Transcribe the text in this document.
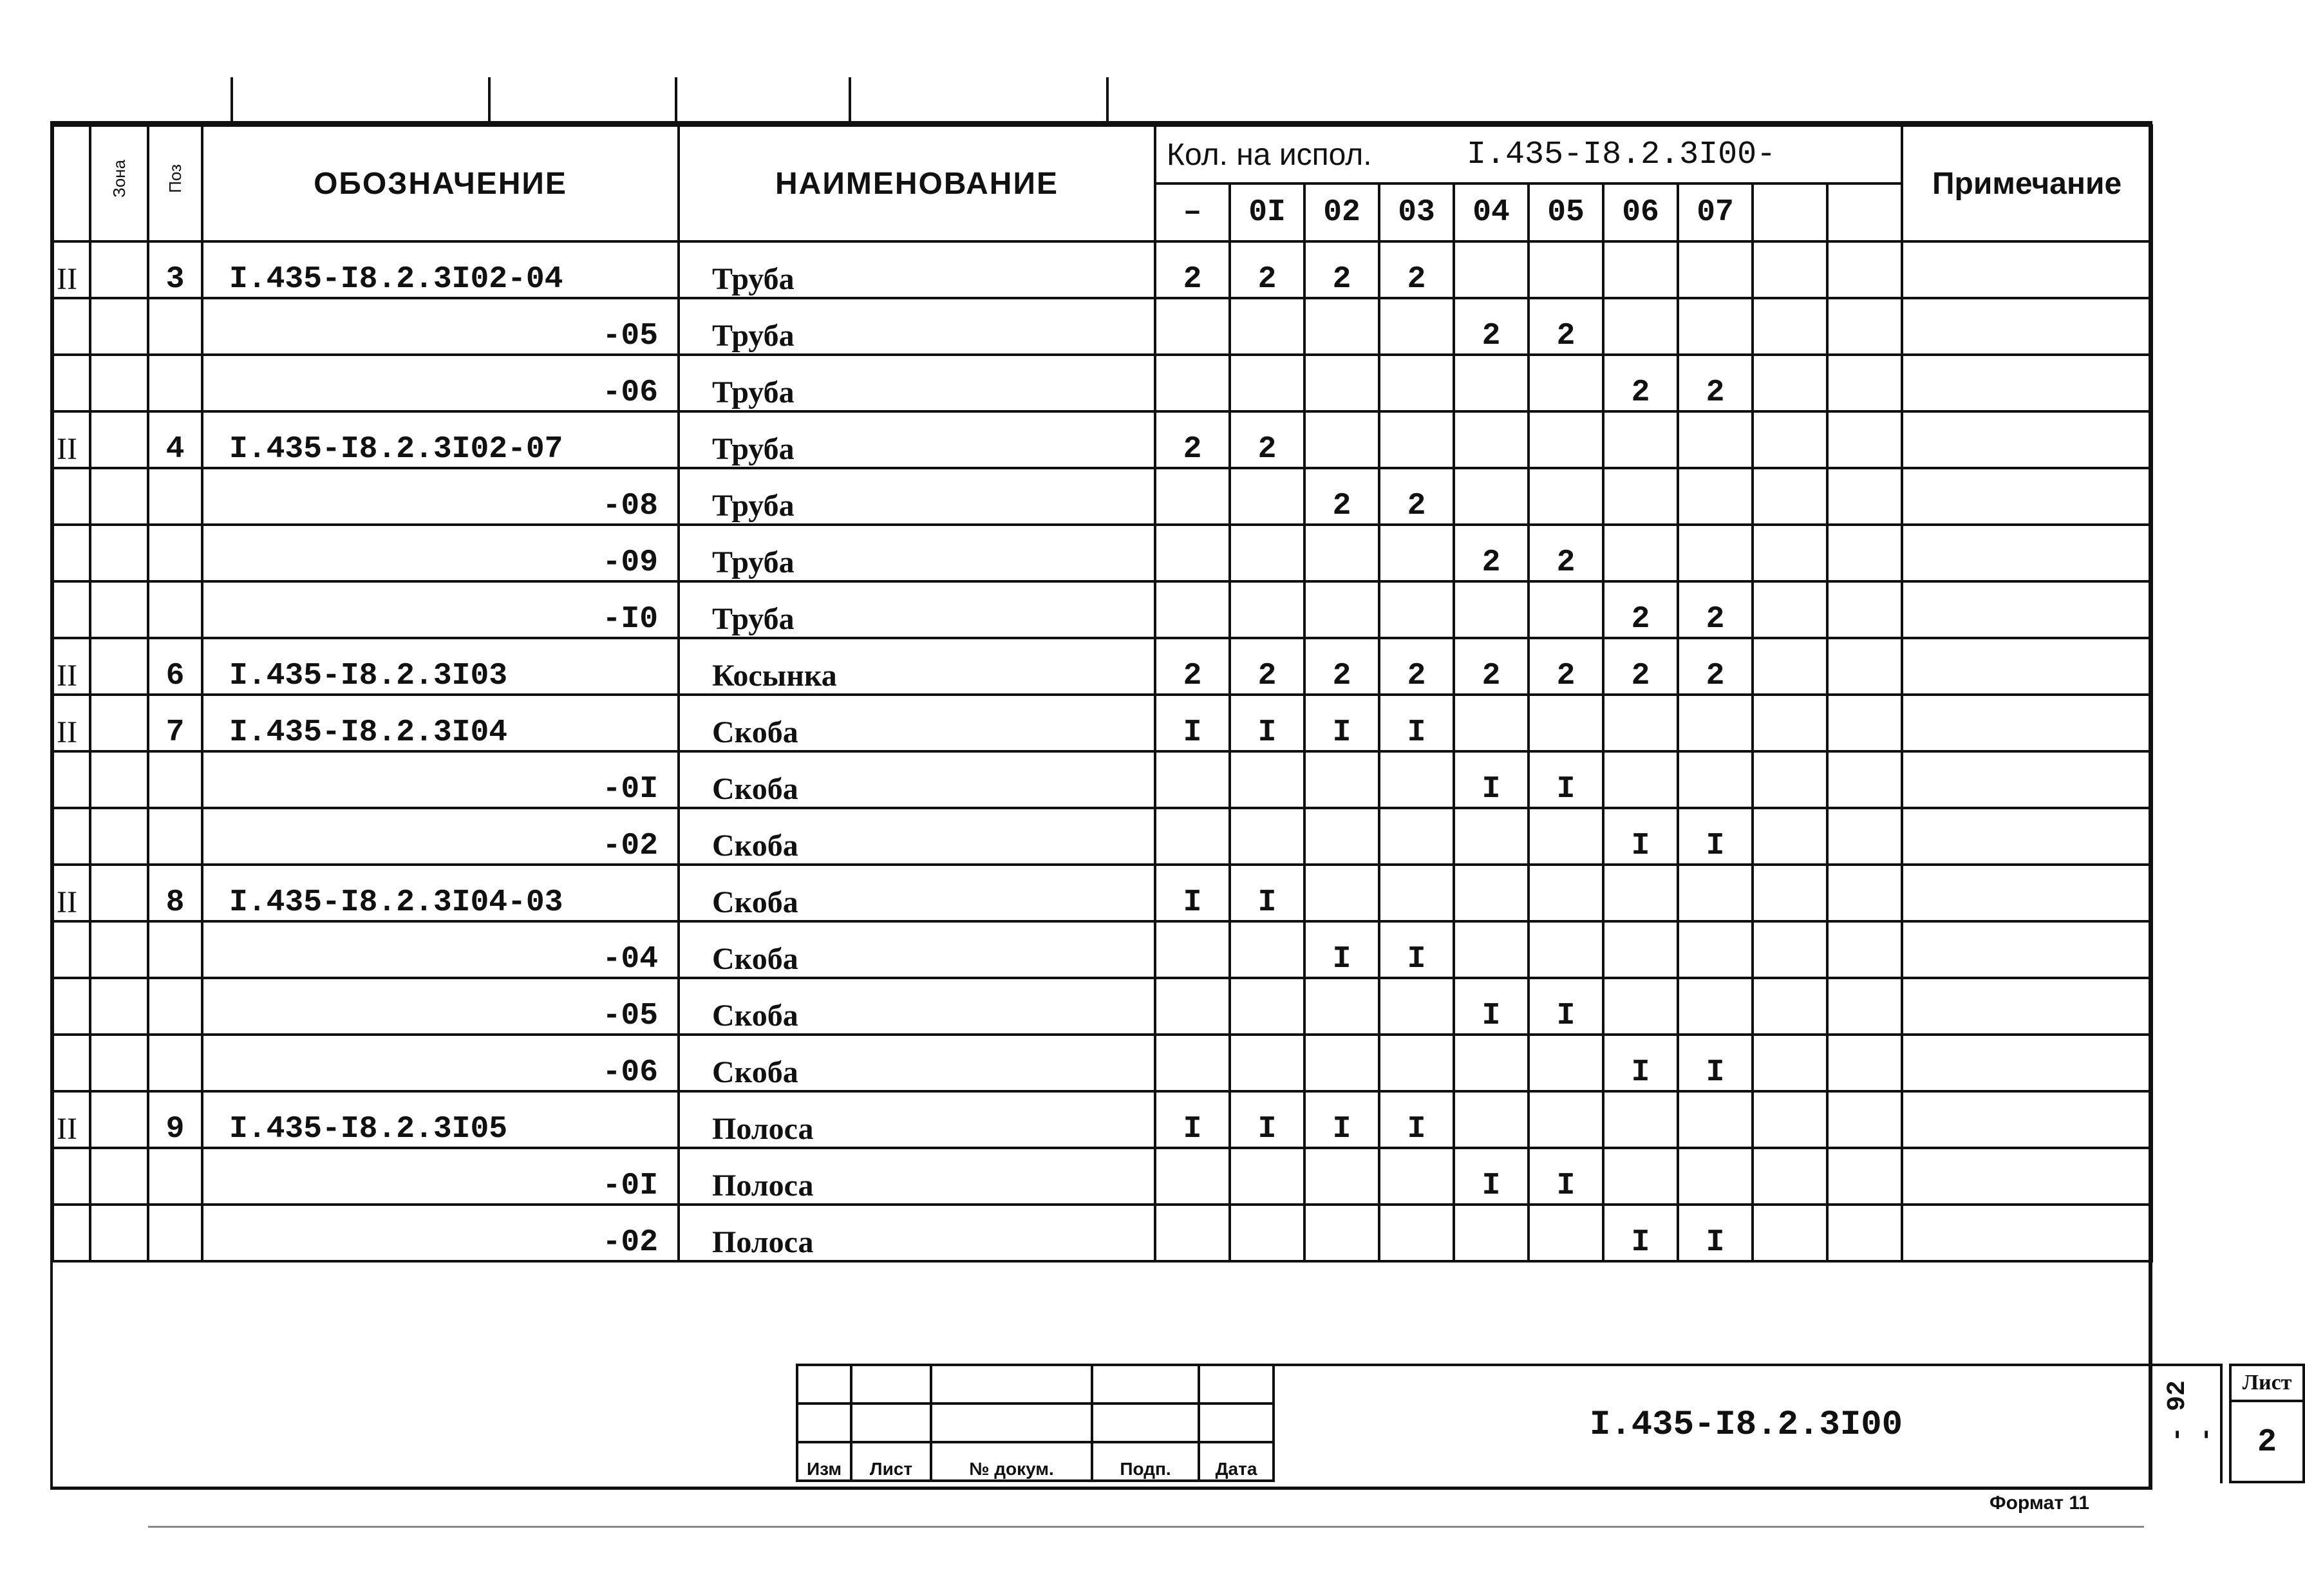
	Зона	Поз	ОБОЗНАЧЕНИЕ	НАИМЕНОВАНИЕ	Кол. на испол.				I.435-I8.2.3I00-						Примечание
					–	0I	02	03	04	05	06	07			
II		3	I.435-I8.2.3I02-04	Труба	2	2	2	2							
			-05	Труба					2	2					
			-06	Труба							2	2			
II		4	I.435-I8.2.3I02-07	Труба	2	2									
			-08	Труба			2	2							
			-09	Труба					2	2					
			-I0	Труба							2	2			
II		6	I.435-I8.2.3I03	Косынка	2	2	2	2	2	2	2	2			
II		7	I.435-I8.2.3I04	Скоба	I	I	I	I							
			-0I	Скоба					I	I					
			-02	Скоба							I	I			
II		8	I.435-I8.2.3I04-03	Скоба	I	I									
			-04	Скоба			I	I							
			-05	Скоба					I	I					
			-06	Скоба							I	I			
II		9	I.435-I8.2.3I05	Полоса	I	I	I	I							
			-0I	Полоса					I	I					
			-02	Полоса							I	I			

Изм	Лист	№ докум.	Подп.	Дата
I.435-I8.2.3I00
Лист
2
Формат 11
- 92 -
